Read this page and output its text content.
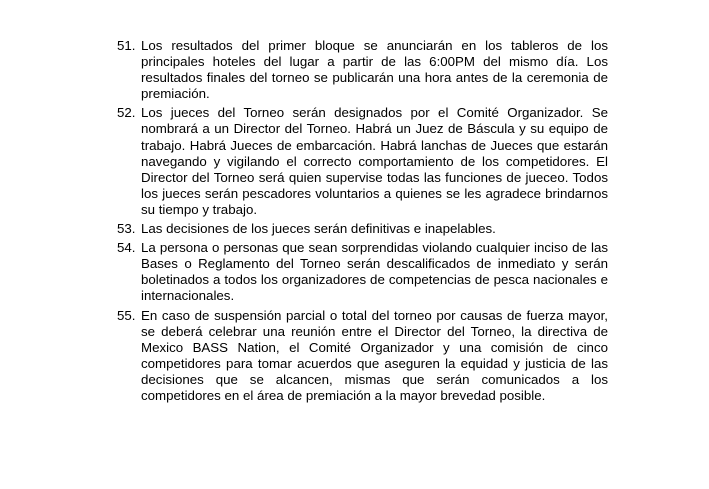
51. Los resultados del primer bloque se anunciarán en los tableros de los principales hoteles del lugar a partir de las 6:00PM del mismo día. Los resultados finales del torneo se publicarán una hora antes de la ceremonia de premiación.
52. Los jueces del Torneo serán designados por el Comité Organizador. Se nombrará a un Director del Torneo. Habrá un Juez de Báscula y su equipo de trabajo. Habrá Jueces de embarcación. Habrá lanchas de Jueces que estarán navegando y vigilando el correcto comportamiento de los competidores. El Director del Torneo será quien supervise todas las funciones de jueceo. Todos los jueces serán pescadores voluntarios a quienes se les agradece brindarnos su tiempo y trabajo.
53. Las decisiones de los jueces serán definitivas e inapelables.
54. La persona o personas que sean sorprendidas violando cualquier inciso de las Bases o Reglamento del Torneo serán descalificados de inmediato y serán boletinados a todos los organizadores de competencias de pesca nacionales e internacionales.
55. En caso de suspensión parcial o total del torneo por causas de fuerza mayor, se deberá celebrar una reunión entre el Director del Torneo, la directiva de Mexico BASS Nation, el Comité Organizador y una comisión de cinco competidores para tomar acuerdos que aseguren la equidad y justicia de las decisiones que se alcancen, mismas que serán comunicados a los competidores en el área de premiación a la mayor brevedad posible.
